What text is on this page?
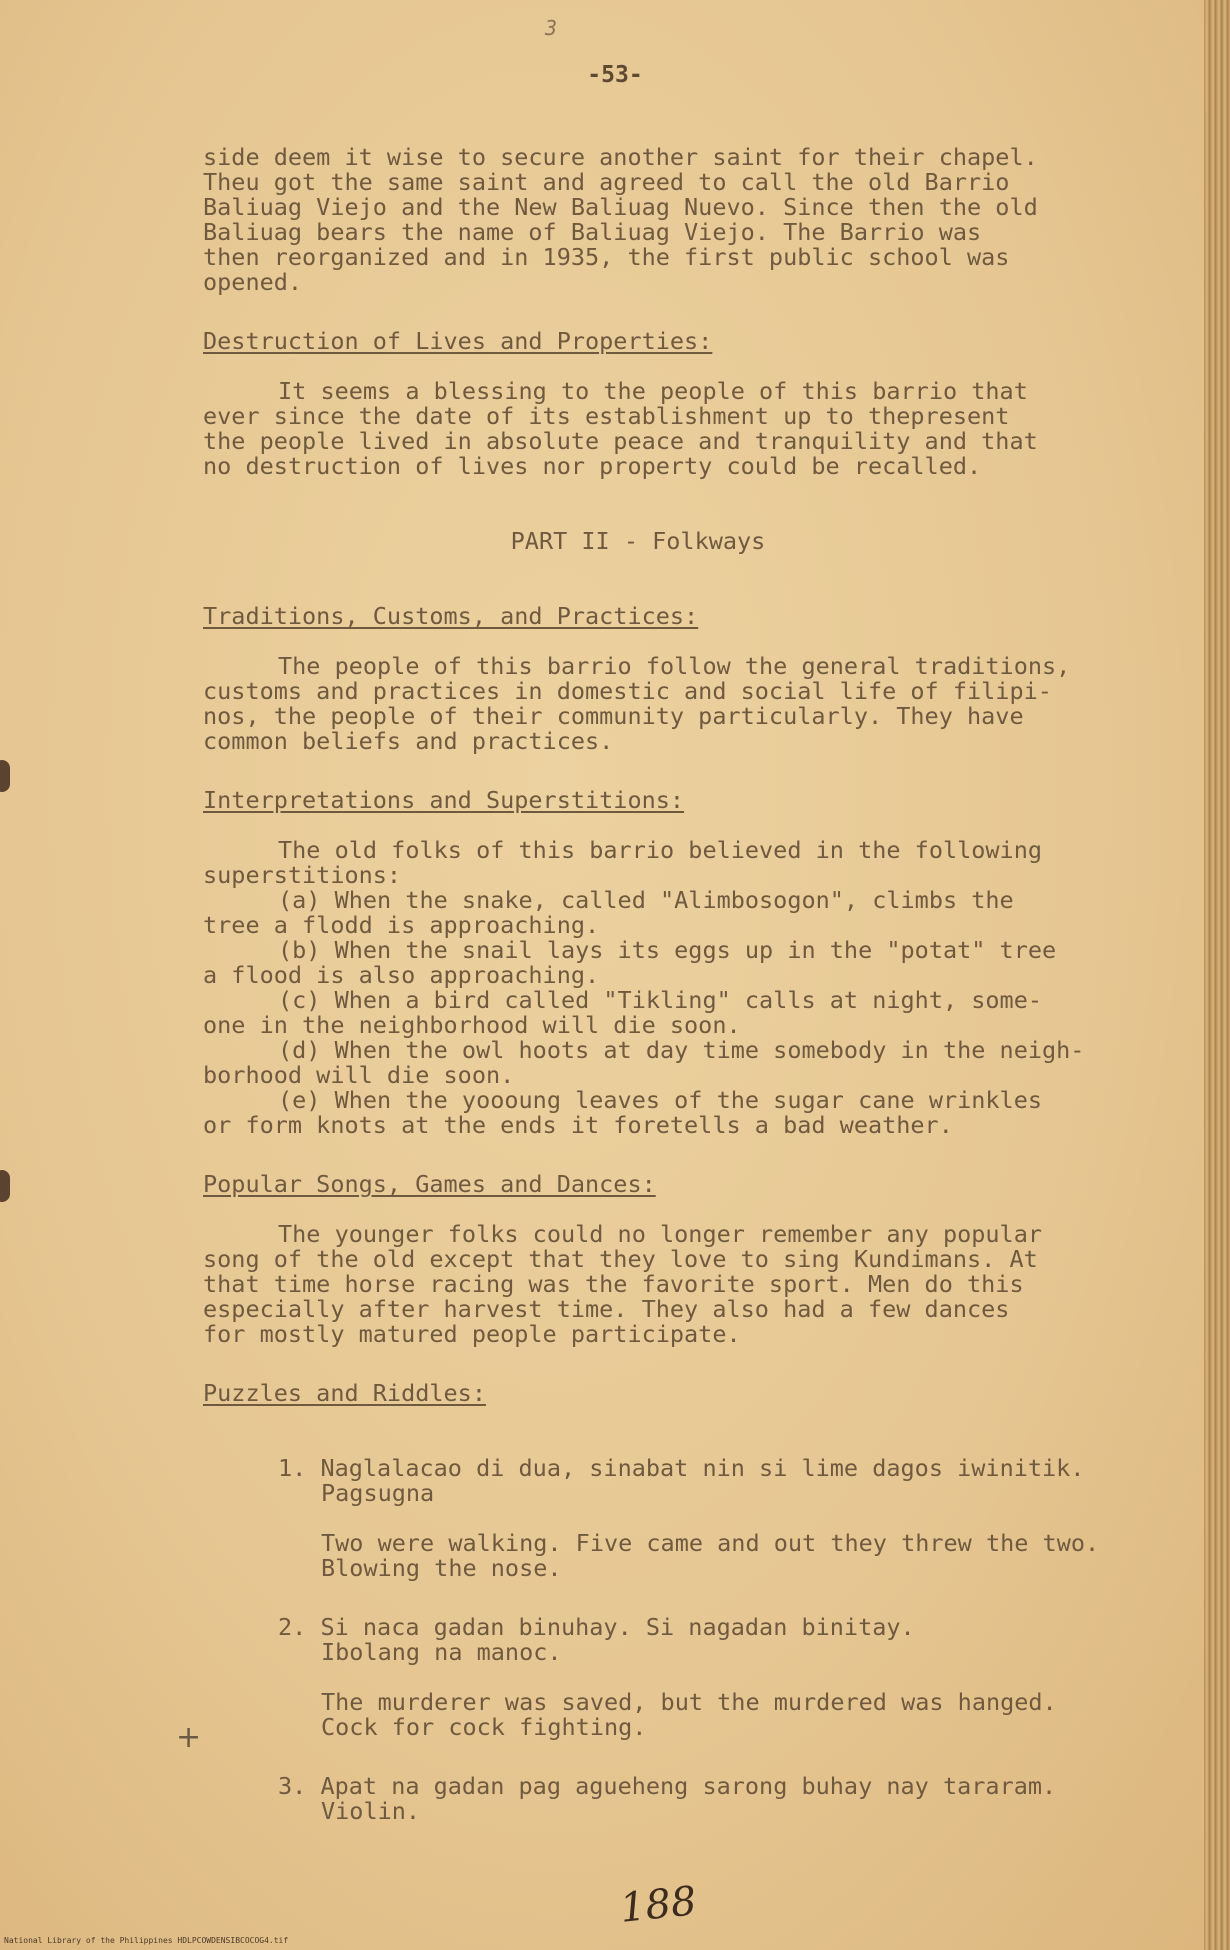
3
-53-

side deem it wise to secure another saint for their chapel.

Theu got the same saint and agreed to call the old Barrio

Baliuag Viejo and the New Baliuag Nuevo. Since then the old

Baliuag bears the name of Baliuag Viejo. The Barrio was

then reorganized and in 1935, the first public school was

opened.

Destruction of Lives and Properties:

It seems a blessing to the people of this barrio that

ever since the date of its establishment up to thepresent

the people lived in absolute peace and tranquility and that

no destruction of lives nor property could be recalled.

PART II - Folkways

Traditions, Customs, and Practices:

The people of this barrio follow the general traditions,

customs and practices in domestic and social life of filipi-

nos, the people of their community particularly. They have

common beliefs and practices.

Interpretations and Superstitions:

The old folks of this barrio believed in the following

superstitions:

(a) When the snake, called "Alimbosogon", climbs the

tree a flodd is approaching.

(b) When the snail lays its eggs up in the "potat" tree

a flood is also approaching.

(c) When a bird called "Tikling" calls at night, some-

one in the neighborhood will die soon.

(d) When the owl hoots at day time somebody in the neigh-

borhood will die soon.

(e) When the yoooung leaves of the sugar cane wrinkles

or form knots at the ends it foretells a bad weather.

Popular Songs, Games and Dances:

The younger folks could no longer remember any popular

song of the old except that they love to sing Kundimans. At

that time horse racing was the favorite sport. Men do this

especially after harvest time. They also had a few dances

for mostly matured people participate.

Puzzles and Riddles:

1. Naglalacao di dua, sinabat nin si lime dagos iwinitik.

Pagsugna

Two were walking. Five came and out they threw the two.

Blowing the nose.

2. Si naca gadan binuhay. Si nagadan binitay.

Ibolang na manoc.

The murderer was saved, but the murdered was hanged.

Cock for cock fighting.

3. Apat na gadan pag agueheng sarong buhay nay tararam.

Violin.

+
188
National Library of the Philippines HDLPCOWDENSIBCOCOG4.tif
